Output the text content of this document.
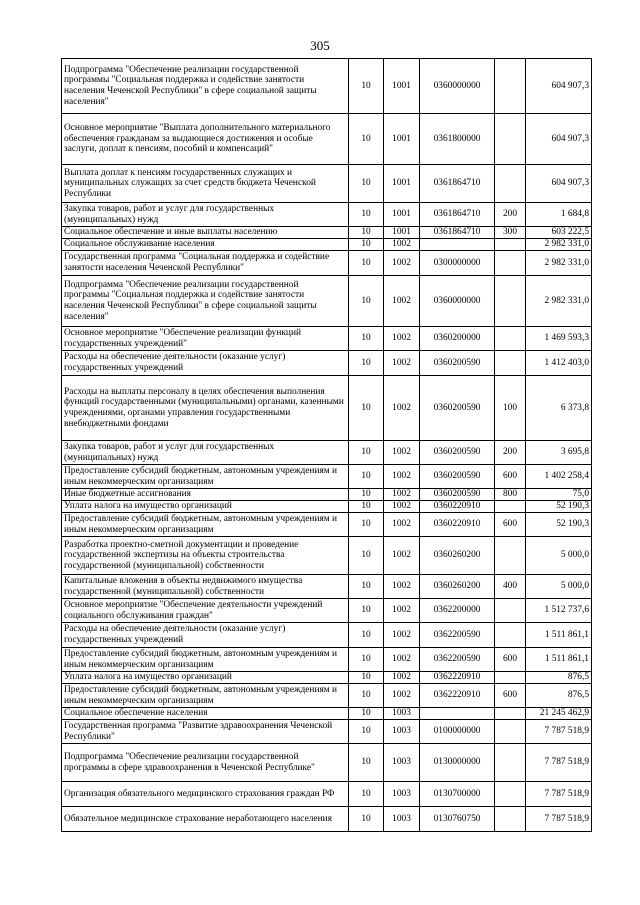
305
Подпрограмма "Обеспечение реализации государственной программы "Социальная поддержка и содействие занятости населения Чеченской Республики" в сфере социальной защиты населения"	10	1001	0360000000		604 907,3
Основное мероприятие "Выплата дополнительного материального обеспечения гражданам за выдающиеся достижения и особые заслуги, доплат к пенсиям, пособий и компенсаций"	10	1001	0361800000		604 907,3
Выплата доплат к пенсиям государственных служащих и муниципальных служащих за счет средств бюджета Чеченской Республики	10	1001	0361864710		604 907,3
Закупка товаров, работ и услуг для государственных (муниципальных) нужд	10	1001	0361864710	200	1 684,8
Социальное обеспечение и иные выплаты населению	10	1001	0361864710	300	603 222,5
Социальное обслуживание населения	10	1002			2 982 331,0
Государственная программа "Социальная поддержка и содействие занятости населения Чеченской Республики"	10	1002	0300000000		2 982 331,0
Подпрограмма "Обеспечение реализации государственной программы "Социальная поддержка и содействие занятости населения Чеченской Республики" в сфере социальной защиты населения"	10	1002	0360000000		2 982 331,0
Основное мероприятие "Обеспечение реализации функций государственных учреждений"	10	1002	0360200000		1 469 593,3
Расходы на обеспечение деятельности (оказание услуг) государственных учреждений	10	1002	0360200590		1 412 403,0
Расходы на выплаты персоналу в целях обеспечения выполнения функций государственными (муниципальными) органами, казенными учреждениями, органами управления государственными внебюджетными фондами	10	1002	0360200590	100	6 373,8
Закупка товаров, работ и услуг для государственных (муниципальных) нужд	10	1002	0360200590	200	3 695,8
Предоставление субсидий бюджетным, автономным учреждениям и иным некоммерческим организациям	10	1002	0360200590	600	1 402 258,4
Иные бюджетные ассигнования	10	1002	0360200590	800	75,0
Уплата налога на имущество организаций	10	1002	0360220910		52 190,3
Предоставление субсидий бюджетным, автономным учреждениям и иным некоммерческим организациям	10	1002	0360220910	600	52 190,3
Разработка проектно-сметной документации и проведение государственной экспертизы на объекты строительства государственной (муниципальной) собственности	10	1002	0360260200		5 000,0
Капитальные вложения в объекты недвижимого имущества государственной (муниципальной) собственности	10	1002	0360260200	400	5 000,0
Основное мероприятие "Обеспечение деятельности учреждений социального обслуживания граждан"	10	1002	0362200000		1 512 737,6
Расходы на обеспечение деятельности (оказание услуг) государственных учреждений	10	1002	0362200590		1 511 861,1
Предоставление субсидий бюджетным, автономным учреждениям и иным некоммерческим организациям	10	1002	0362200590	600	1 511 861,1
Уплата налога на имущество организаций	10	1002	0362220910		876,5
Предоставление субсидий бюджетным, автономным учреждениям и иным некоммерческим организациям	10	1002	0362220910	600	876,5
Социальное обеспечение населения	10	1003			21 245 462,9
Государственная программа "Развитие здравоохранения Чеченской Республики"	10	1003	0100000000		7 787 518,9
Подпрограмма "Обеспечение реализации государственной программы в сфере здравоохранения в Чеченской Республике"	10	1003	0130000000		7 787 518,9
Организация обязательного медицинского страхования граждан РФ	10	1003	0130700000		7 787 518,9
Обязательное медицинское страхование неработающего населения	10	1003	0130760750		7 787 518,9
